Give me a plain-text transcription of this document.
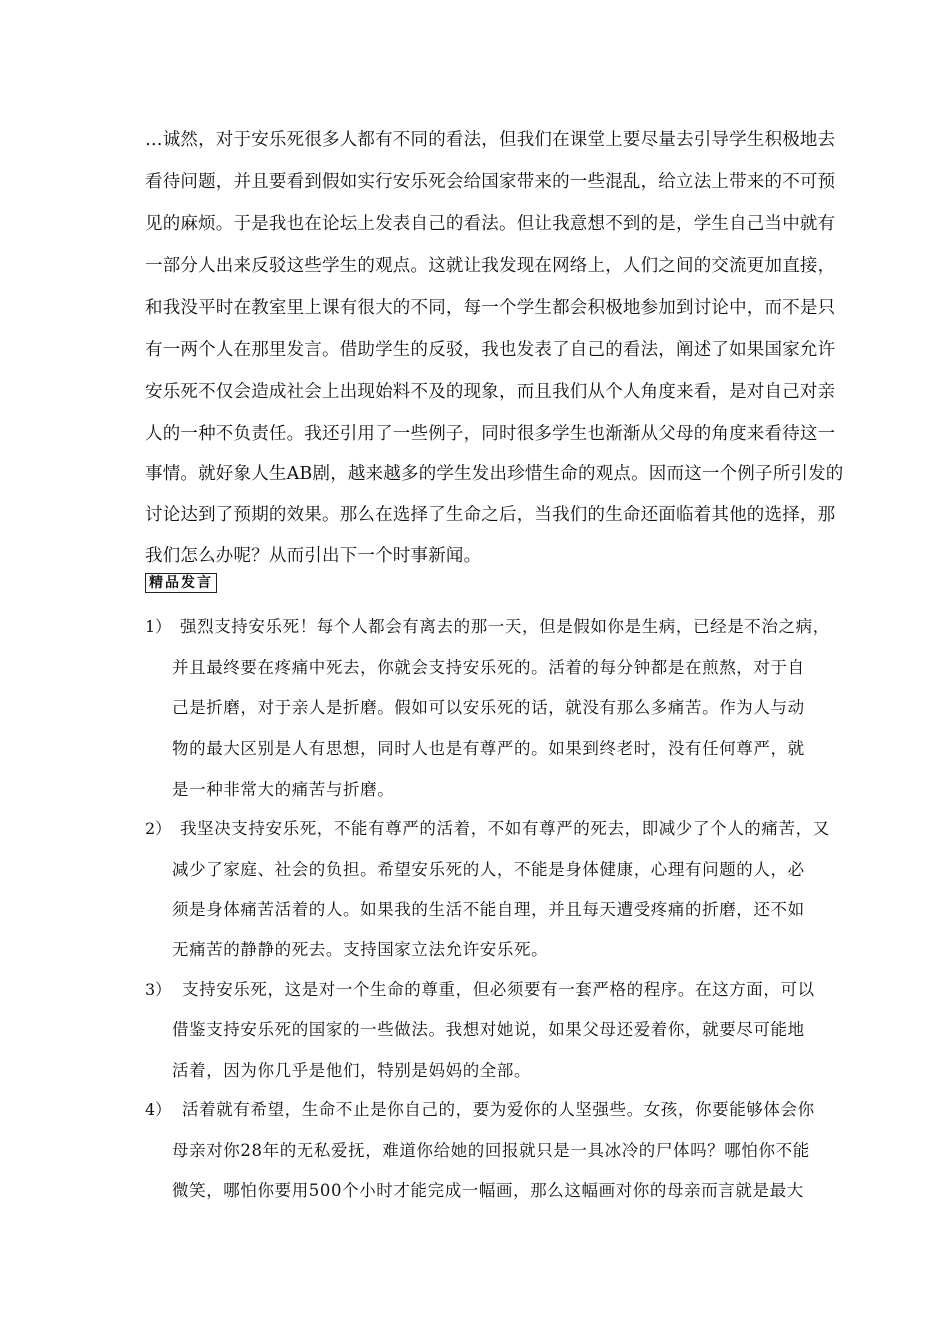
…诚然，对于安乐死很多人都有不同的看法，但我们在课堂上要尽量去引导学生积极地去
看待问题，并且要看到假如实行安乐死会给国家带来的一些混乱，给立法上带来的不可预
见的麻烦。于是我也在论坛上发表自己的看法。但让我意想不到的是，学生自己当中就有
一部分人出来反驳这些学生的观点。这就让我发现在网络上，人们之间的交流更加直接，
和我没平时在教室里上课有很大的不同，每一个学生都会积极地参加到讨论中，而不是只
有一两个人在那里发言。借助学生的反驳，我也发表了自己的看法，阐述了如果国家允许
安乐死不仅会造成社会上出现始料不及的现象，而且我们从个人角度来看，是对自己对亲
人的一种不负责任。我还引用了一些例子，同时很多学生也渐渐从父母的角度来看待这一
事情。就好象人生AB剧，越来越多的学生发出珍惜生命的观点。因而这一个例子所引发的
讨论达到了预期的效果。那么在选择了生命之后，当我们的生命还面临着其他的选择，那
我们怎么办呢？从而引出下一个时事新闻。
精品发言
1） 强烈支持安乐死！每个人都会有离去的那一天，但是假如你是生病，已经是不治之病，
并且最终要在疼痛中死去，你就会支持安乐死的。活着的每分钟都是在煎熬，对于自
己是折磨，对于亲人是折磨。假如可以安乐死的话，就没有那么多痛苦。作为人与动
物的最大区别是人有思想，同时人也是有尊严的。如果到终老时，没有任何尊严，就
是一种非常大的痛苦与折磨。
2） 我坚决支持安乐死，不能有尊严的活着，不如有尊严的死去，即减少了个人的痛苦，又
减少了家庭、社会的负担。希望安乐死的人，不能是身体健康，心理有问题的人，必
须是身体痛苦活着的人。如果我的生活不能自理，并且每天遭受疼痛的折磨，还不如
无痛苦的静静的死去。支持国家立法允许安乐死。
3） 支持安乐死，这是对一个生命的尊重，但必须要有一套严格的程序。在这方面，可以
借鉴支持安乐死的国家的一些做法。我想对她说，如果父母还爱着你，就要尽可能地
活着，因为你几乎是他们，特别是妈妈的全部。
4） 活着就有希望，生命不止是你自己的，要为爱你的人坚强些。女孩，你要能够体会你
母亲对你28年的无私爱抚，难道你给她的回报就只是一具冰冷的尸体吗？哪怕你不能
微笑，哪怕你要用500个小时才能完成一幅画，那么这幅画对你的母亲而言就是最大
